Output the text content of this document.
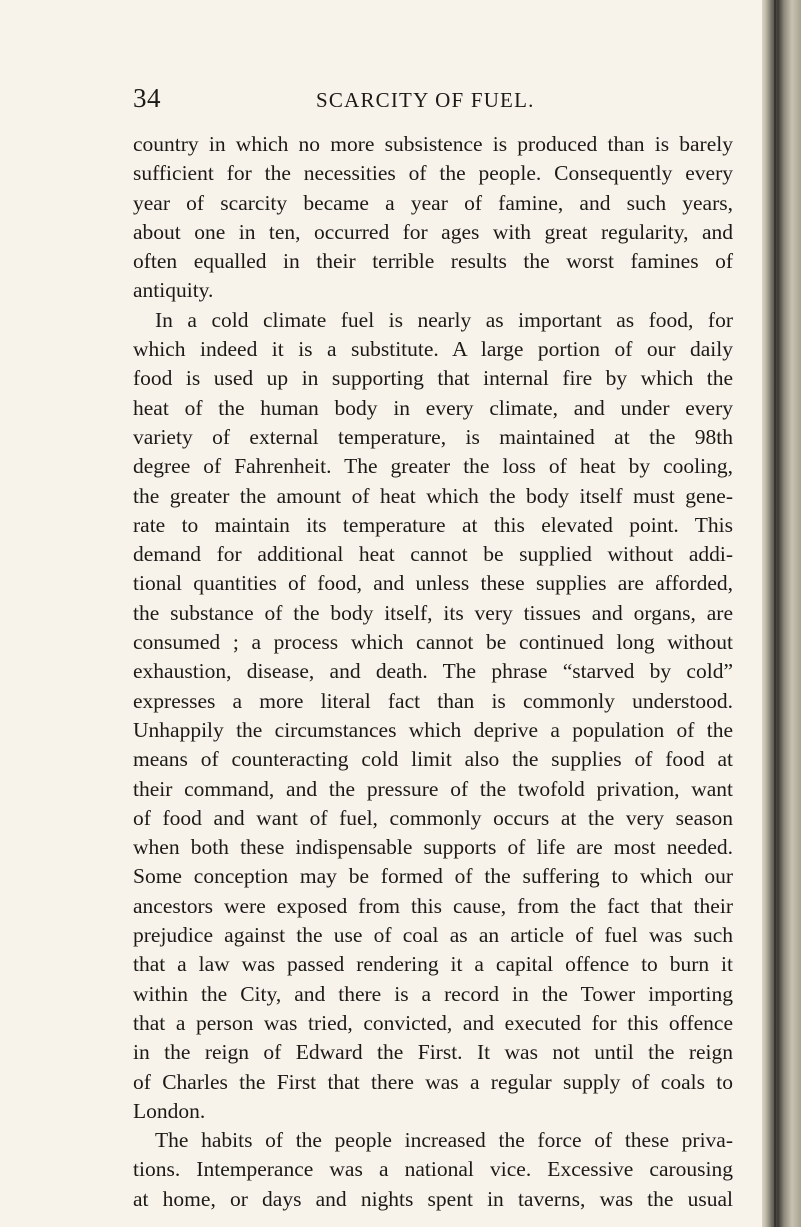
34	SCARCITY OF FUEL.
country in which no more subsistence is produced than is barely
sufficient for the necessities of the people. Consequently every
year of scarcity became a year of famine, and such years,
about one in ten, occurred for ages with great regularity, and
often equalled in their terrible results the worst famines of
antiquity.
In a cold climate fuel is nearly as important as food, for
which indeed it is a substitute. A large portion of our daily
food is used up in supporting that internal fire by which the
heat of the human body in every climate, and under every
variety of external temperature, is maintained at the 98th
degree of Fahrenheit. The greater the loss of heat by cooling,
the greater the amount of heat which the body itself must gene-
rate to maintain its temperature at this elevated point. This
demand for additional heat cannot be supplied without addi-
tional quantities of food, and unless these supplies are afforded,
the substance of the body itself, its very tissues and organs, are
consumed ; a process which cannot be continued long without
exhaustion, disease, and death. The phrase “starved by cold”
expresses a more literal fact than is commonly understood.
Unhappily the circumstances which deprive a population of the
means of counteracting cold limit also the supplies of food at
their command, and the pressure of the twofold privation, want
of food and want of fuel, commonly occurs at the very season
when both these indispensable supports of life are most needed.
Some conception may be formed of the suffering to which our
ancestors were exposed from this cause, from the fact that their
prejudice against the use of coal as an article of fuel was such
that a law was passed rendering it a capital offence to burn it
within the City, and there is a record in the Tower importing
that a person was tried, convicted, and executed for this offence
in the reign of Edward the First. It was not until the reign
of Charles the First that there was a regular supply of coals to
London.
The habits of the people increased the force of these priva-
tions. Intemperance was a national vice. Excessive carousing
at home, or days and nights spent in taverns, was the usual
